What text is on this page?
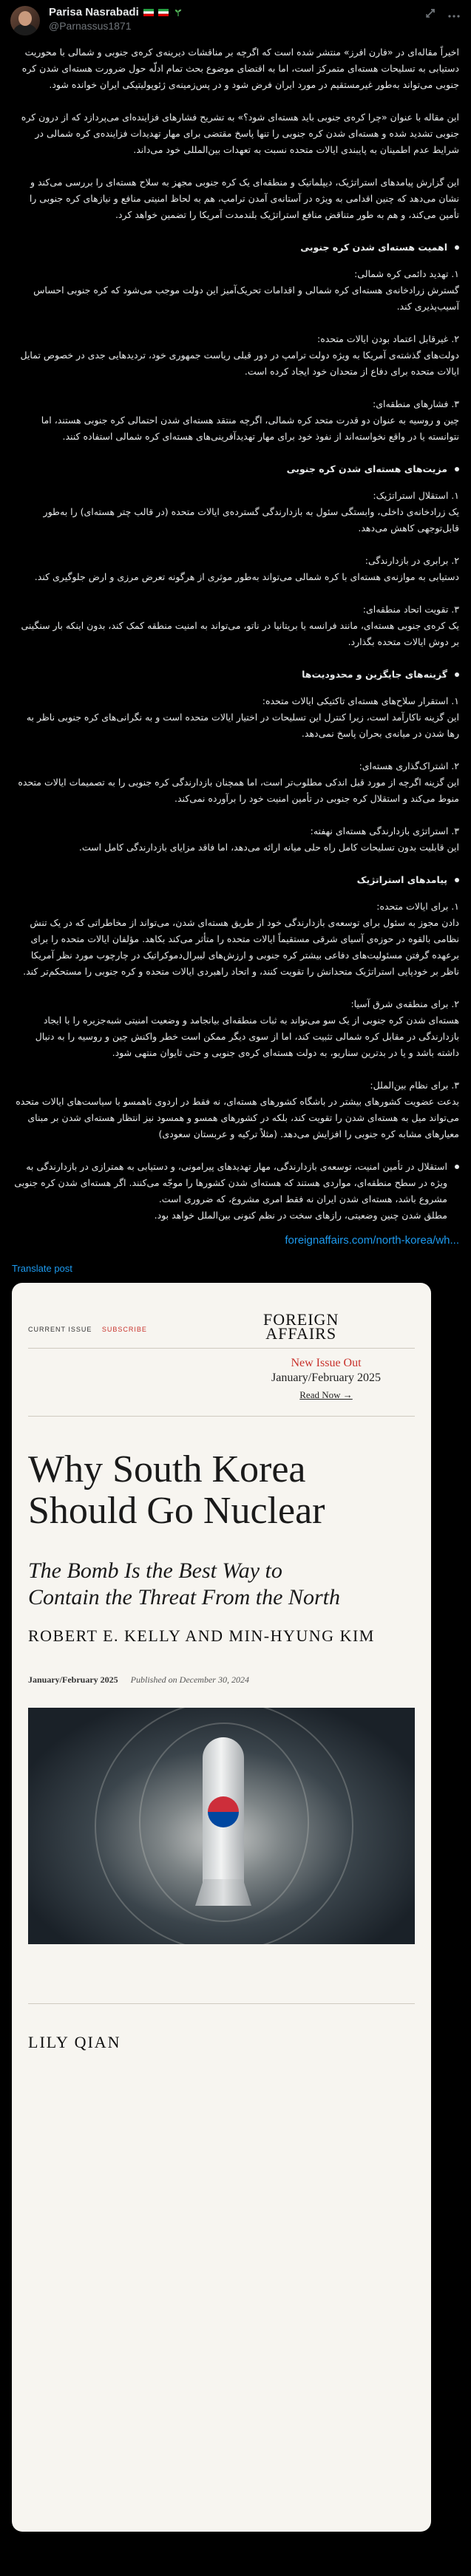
Parisa Nasrabadi
@Parnassus1871

اخیراً مقاله‌ای در «فارن افرز» منتشر شده است که اگرچه بر مناقشات دیرینه‌ی کره‌ی جنوبی و شمالی با محوریت دستیابی به تسلیحات هسته‌ای متمرکز است، اما به اقتضای موضوع بحث تمام ادلّه حول ضرورت هسته‌ای شدن کره جنوبی می‌تواند به‌طور غیرمستقیم در مورد ایران فرض شود و در پس‌زمینه‌ی ژئوپولیتیکی ایران خوانده شود.

این مقاله با عنوان «چرا کره‌ی جنوبی باید هسته‌ای شود؟» به تشریح فشارهای فزاینده‌ای می‌پردازد که از درون کره جنوبی تشدید شده و هسته‌ای شدن کره جنوبی را تنها پاسخ مقتضی برای مهار تهدیدات فزاینده‌ی کره شمالی در شرایط عدم اطمینان به پایبندی ایالات متحده نسبت به تعهدات بین‌المللی خود می‌داند.

این گزارش پیامدهای استراتژیک، دیپلماتیک و منطقه‌ای یک کره جنوبی مجهز به سلاح هسته‌ای را بررسی می‌کند و نشان می‌دهد که چنین اقدامی به ویژه در آستانه‌ی آمدن ترامپ، هم به لحاظ امنیتی منافع و نیازهای کره جنوبی را تأمین می‌کند، و هم به طور متناقض منافع استراتژیک بلندمدت آمریکا را تضمین خواهد کرد.

اهمیت هسته‌ای شدن کره جنوبی

۱. تهدید دائمی کره شمالی:
گسترش زرادخانه‌ی هسته‌ای کره شمالی و اقدامات تحریک‌آمیز این دولت موجب می‌شود که کره جنوبی احساس آسیب‌پذیری کند.

۲. غیرقابل اعتماد بودن ایالات متحده:
دولت‌های گذشته‌ی آمریکا به ویژه دولت ترامپ در دور قبلی ریاست جمهوری خود، تردیدهایی جدی در خصوص تمایل ایالات متحده برای دفاع از متحدان خود ایجاد کرده است.

۳. فشارهای منطقه‌ای:
چین و روسیه به عنوان دو قدرت متحد کره شمالی، اگرچه منتقد هسته‌ای شدن احتمالی کره جنوبی هستند، اما نتوانسته یا در واقع نخواسته‌اند از نفوذ خود برای مهار تهدیدآفرینی‌های هسته‌ای کره شمالی استفاده کنند.

مزیت‌های هسته‌ای شدن کره جنوبی

۱. استقلال استراتژیک:
یک زرادخانه‌ی داخلی، وابستگی سئول به بازدارندگی گسترده‌ی ایالات متحده (در قالب چتر هسته‌ای) را به‌طور قابل‌توجهی کاهش می‌دهد.

۲. برابری در بازدارندگی:
دستیابی به موازنه‌ی هسته‌ای با کره شمالی می‌تواند به‌طور موثری از هرگونه تعرض مرزی و ارض جلوگیری کند.

۳. تقویت اتحاد منطقه‌ای:
یک کره‌ی جنوبی هسته‌ای، مانند فرانسه یا بریتانیا در ناتو، می‌تواند به امنیت منطقه کمک کند، بدون اینکه بار سنگینی بر دوش ایالات متحده بگذارد.

گزینه‌های جایگزین و محدودیت‌ها

۱. استقرار سلاح‌های هسته‌ای تاکتیکی ایالات متحده:
این گزینه ناکارآمد است، زیرا کنترل این تسلیحات در اختیار ایالات متحده است و به نگرانی‌های کره جنوبی ناظر به رها شدن در میانه‌ی بحران پاسخ نمی‌دهد.

۲. اشتراک‌گذاری هسته‌ای:
این گزینه اگرچه از مورد قبل اندکی مطلوب‌تر است، اما همچنان بازدارندگی کره جنوبی را به تصمیمات ایالات متحده منوط می‌کند و استقلال کره جنوبی در تأمین امنیت خود را برآورده نمی‌کند.

۳. استراتژی بازدارندگی هسته‌ای نهفته:
این قابلیت بدون تسلیحات کامل راه حلی میانه ارائه می‌دهد، اما فاقد مزایای بازدارندگی کامل است.

پیامدهای استراتژیک

۱. برای ایالات متحده:
دادن مجوز به سئول برای توسعه‌ی بازدارندگی خود از طریق هسته‌ای شدن، می‌تواند از مخاطراتی که در یک تنش نظامی بالقوه در حوزه‌ی آسیای شرقی مستقیماً ایالات متحده را متأثر می‌کند بکاهد. مؤلفان ایالات متحده را برای برعهده گرفتن مسئولیت‌های دفاعی بیشتر کره جنوبی و ارزش‌های لیبرال‌دموکراتیک در چارچوب مورد نظر آمریکا ناظر بر خودپایی استراتژیک متحدانش را تقویت کنند، و اتحاد راهبردی ایالات متحده و کره جنوبی را مستحکم‌تر کند.

۲. برای منطقه‌ی شرق آسیا:
هسته‌ای شدن کره جنوبی از یک سو می‌تواند به ثبات منطقه‌ای بیانجامد و وضعیت امنیتی شبه‌جزیره را با ایجاد بازدارندگی در مقابل کره شمالی تثبیت کند، اما از سوی دیگر ممکن است خطر واکنش چین و روسیه را به دنبال داشته باشد و یا در بدترین سناریو، به دولت هسته‌ای کره‌ی جنوبی و حتی تایوان منتهی شود.

۳. برای نظام بین‌الملل:
بدعت عضویت کشورهای بیشتر در باشگاه کشورهای هسته‌ای، نه فقط در اردوی ناهمسو با سیاست‌های ایالات متحده می‌تواند میل به هسته‌ای شدن را تقویت کند، بلکه در کشورهای همسو و همسود نیز انتظار هسته‌ای شدن بر مبنای معیارهای مشابه کره جنوبی را افزایش می‌دهد. (مثلاً ترکیه و عربستان سعودی)

استقلال در تأمین امنیت، توسعه‌ی بازدارندگی، مهار تهدیدهای پیرامونی، و دستیابی به همترازی در بازدارندگی به ویژه در سطح منطقه‌ای، مواردی هستند که هسته‌ای شدن کشورها را موجّه می‌کنند. اگر هسته‌ای شدن کره جنوبی مشروع باشد، هسته‌ای شدن ایران نه فقط امری مشروع، که ضروری است.
مطلق شدن چنین وضعیتی، رازهای سخت در نظم کنونی بین‌الملل خواهد بود.
foreignaffairs.com/north-korea/wh...
Translate post
CURRENT ISSUE SUBSCRIBE
FOREIGN
AFFAIRS
New Issue Out
January/February 2025
Read Now →
Why South Korea
Should Go Nuclear
The Bomb Is the Best Way to
Contain the Threat From the North
ROBERT E. KELLY AND MIN-HYUNG KIM
January/February 2025 Published on December 30, 2024
LILY QIAN
